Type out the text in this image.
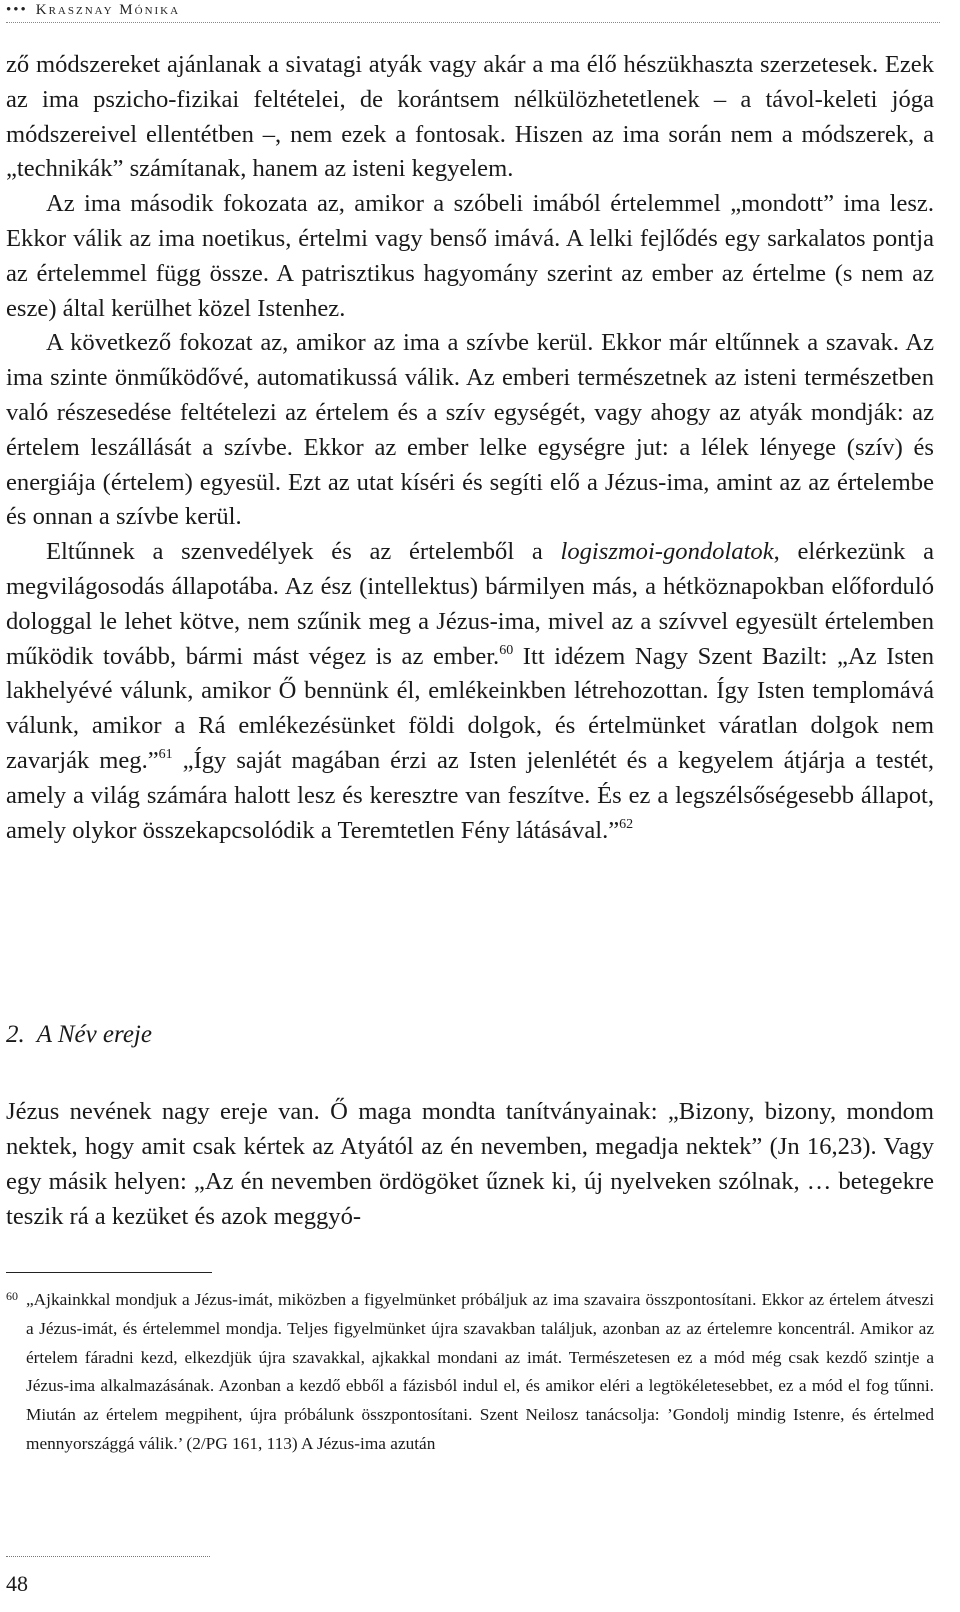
••• Krasznay Mónika

ző módszereket ajánlanak a sivatagi atyák vagy akár a ma élő hészükhaszta szerzetesek. Ezek az ima pszicho-fizikai feltételei, de korántsem nélkülözhetetlenek – a távol-keleti jóga módszereivel ellentétben –, nem ezek a fontosak. Hiszen az ima során nem a módszerek, a „technikák” számítanak, hanem az isteni kegyelem.

Az ima második fokozata az, amikor a szóbeli imából értelemmel „mondott” ima lesz. Ekkor válik az ima noetikus, értelmi vagy benső imává. A lelki fejlődés egy sarkalatos pontja az értelemmel függ össze. A patrisztikus hagyomány szerint az ember az értelme (s nem az esze) által kerülhet közel Istenhez.

A következő fokozat az, amikor az ima a szívbe kerül. Ekkor már eltűnnek a szavak. Az ima szinte önműködővé, automatikussá válik. Az emberi természetnek az isteni természetben való részesedése feltételezi az értelem és a szív egységét, vagy ahogy az atyák mondják: az értelem leszállását a szívbe. Ekkor az ember lelke egységre jut: a lélek lényege (szív) és energiája (értelem) egyesül. Ezt az utat kíséri és segíti elő a Jézus-ima, amint az az értelembe és onnan a szívbe kerül.

Eltűnnek a szenvedélyek és az értelemből a logiszmoi-gondolatok, elérkezünk a megvilágosodás állapotába. Az ész (intellektus) bármilyen más, a hétköznapokban előforduló dologgal le lehet kötve, nem szűnik meg a Jézus-ima, mivel az a szívvel egyesült értelemben működik tovább, bármi mást végez is az ember.$^{60}$ Itt idézem Nagy Szent Bazilt: „Az Isten lakhelyévé válunk, amikor Ő bennünk él, emlékeinkben létrehozottan. Így Isten templomává válunk, amikor a Rá emlékezésünket földi dolgok, és értelmünket váratlan dolgok nem zavarják meg.”$^{61}$ „Így saját magában érzi az Isten jelenlétét és a kegyelem átjárja a testét, amely a világ számára halott lesz és keresztre van feszítve. És ez a legszélsőségesebb állapot, amely olykor összekapcsolódik a Teremtetlen Fény látásával.”$^{62}$

2. A Név ereje

Jézus nevének nagy ereje van. Ő maga mondta tanítványainak: „Bizony, bizony, mondom nektek, hogy amit csak kértek az Atyától az én nevemben, megadja nektek” (Jn 16,23). Vagy egy másik helyen: „Az én nevemben ördögöket űznek ki, új nyelveken szólnak, … betegekre teszik rá a kezüket és azok meggyó-

60 „Ajkainkkal mondjuk a Jézus-imát, miközben a figyelmünket próbáljuk az ima szavaira összpontosítani. Ekkor az értelem átveszi a Jézus-imát, és értelemmel mondja. Teljes figyelmünket újra szavakban találjuk, azonban az az értelemre koncentrál. Amikor az értelem fáradni kezd, elkezdjük újra szavakkal, ajkakkal mondani az imát. Természetesen ez a mód még csak kezdő szintje a Jézus-ima alkalmazásának. Azonban a kezdő ebből a fázisból indul el, és amikor eléri a legtökéletesebbet, ez a mód el fog tűnni. Miután az értelem megpihent, újra próbálunk összpontosítani. Szent Neilosz tanácsolja: ’Gondolj mindig Istenre, és értelmed mennyországgá válik.’ (2/PG 161, 113) A Jézus-ima azután
48
